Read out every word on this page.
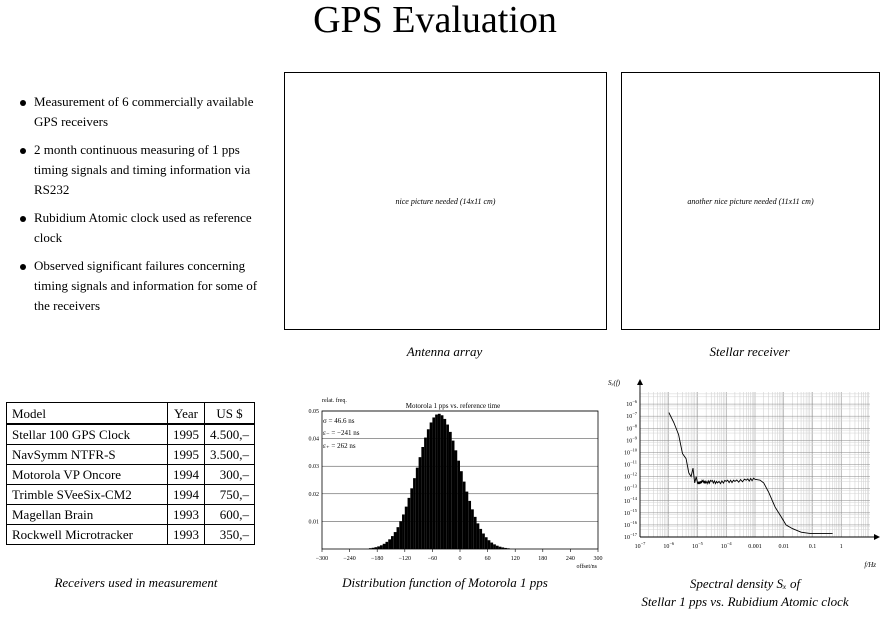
GPS Evaluation
Measurement of 6 commercially available GPS receivers
2 month continuous measuring of 1 pps timing signals and timing information via RS232
Rubidium Atomic clock used as reference clock
Observed significant failures concerning timing signals and information for some of the receivers
nice picture needed (14x11 cm)	another nice picture needed (11x11 cm)
Antenna array	Stellar receiver
Model	Year	US $
Stellar 100 GPS Clock	1995	4.500,–
NavSymm NTFR-S	1995	3.500,–
Motorola VP Oncore	1994	300,–
Trimble SVeeSix-CM2	1994	750,–
Magellan Brain	1993	600,–
Rockwell Microtracker	1993	350,–
Receivers used in measurement
Motorola 1 pps vs. reference time
relat. freq.
offset/ns
σ = 46.6 ns
ε₋ = −241 ns
ε₊ = 262 ns
0.01
0.02
0.03
0.04
0.05
−300	−240	−180	−120	−60	0	60	120	180	240	300
Distribution function of Motorola 1 pps
Sₓ(f)
f/Hz
$10^{-6}$
$10^{-7}$
$10^{-8}$
$10^{-9}$
$10^{-10}$
$10^{-11}$
$10^{-12}$
$10^{-13}$
$10^{-14}$
$10^{-15}$
$10^{-16}$
$10^{-17}$
$10^{-7}$
$10^{-6}$
$10^{-5}$
$10^{-4}$
0.001	0.01	0.1	1
Spectral density Sₓ of
Stellar 1 pps vs. Rubidium Atomic clock
